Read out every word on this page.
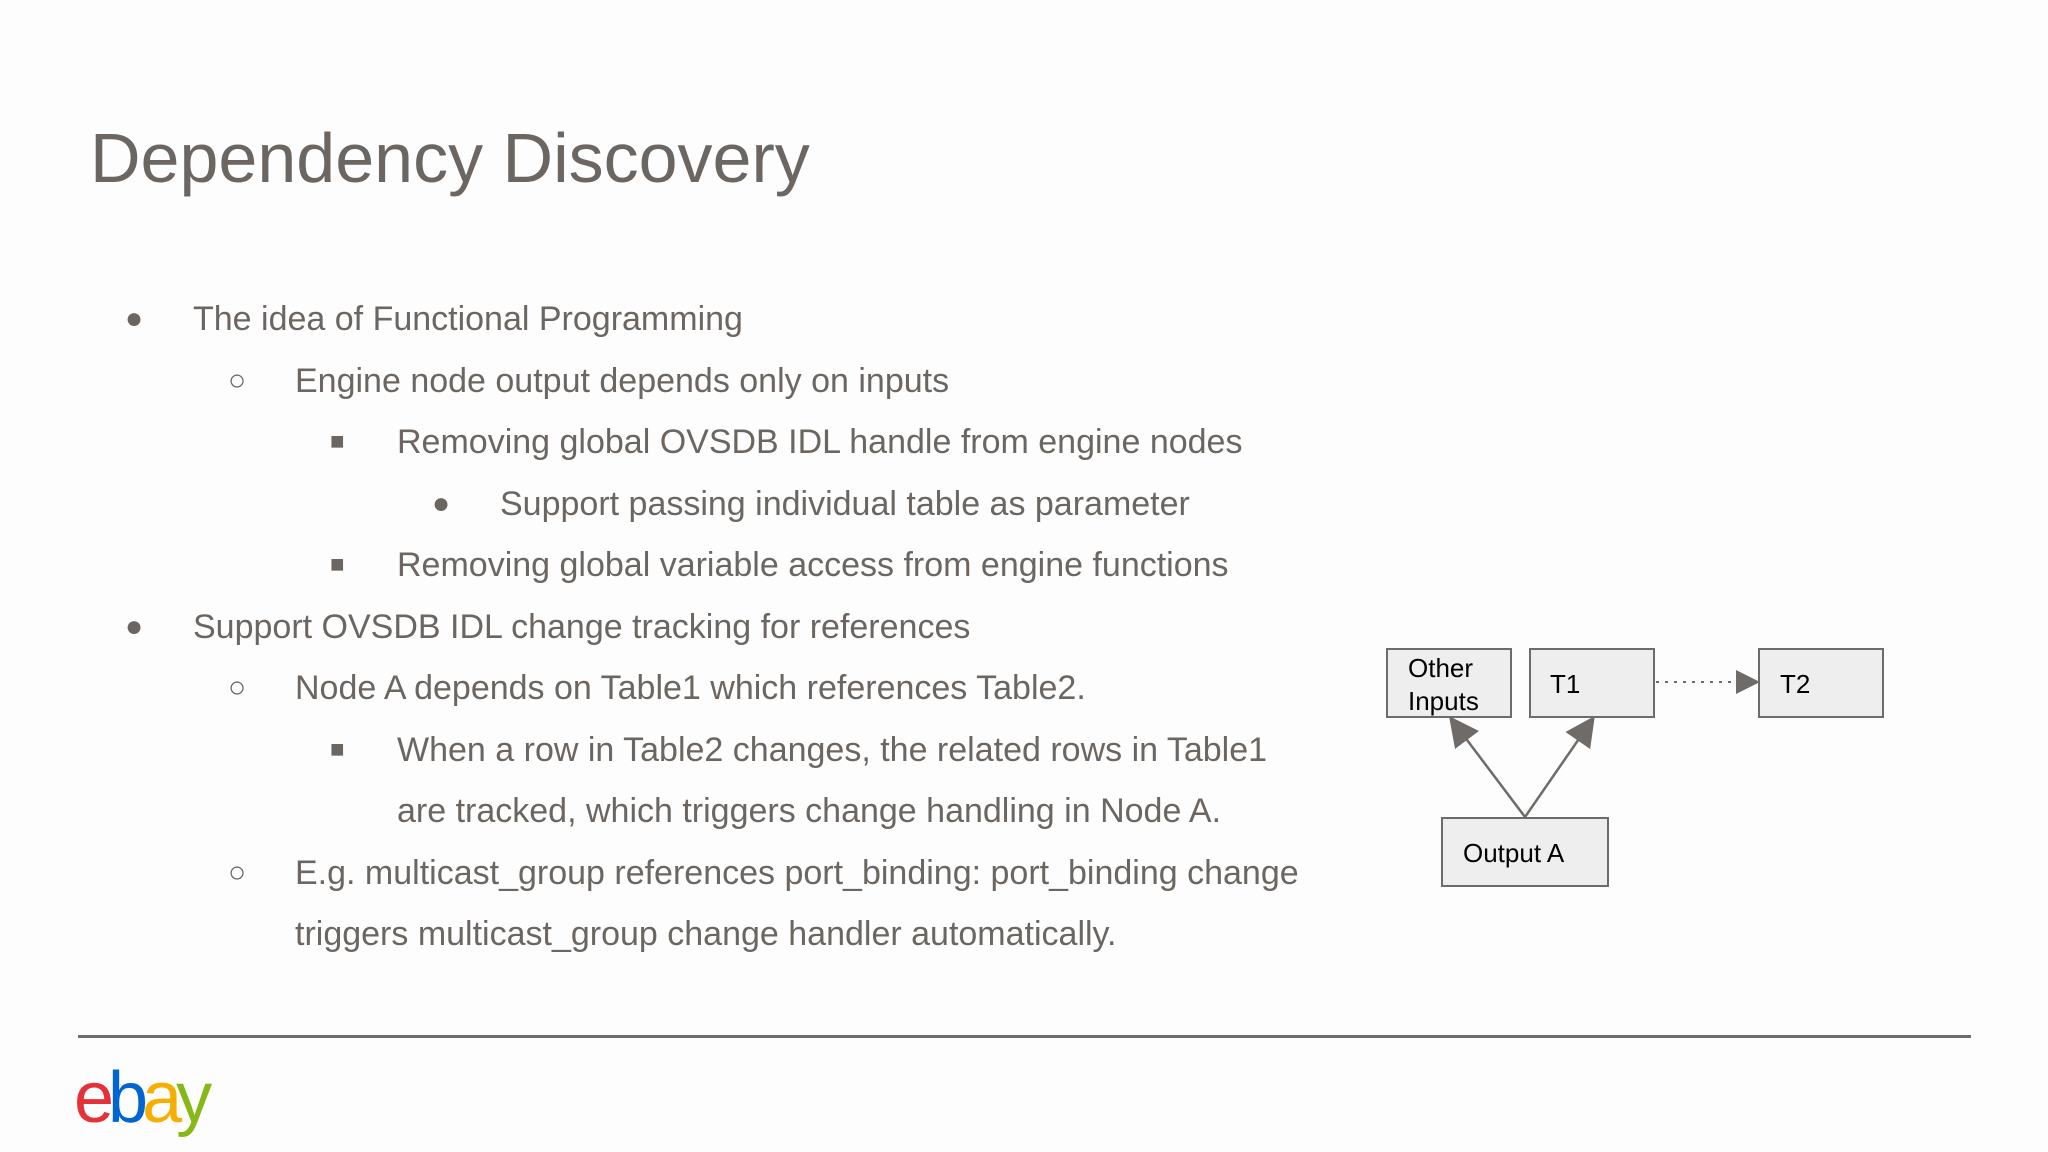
Dependency Discovery
● The idea of Functional Programming
○ Engine node output depends only on inputs
■ Removing global OVSDB IDL handle from engine nodes
● Support passing individual table as parameter
■ Removing global variable access from engine functions
● Support OVSDB IDL change tracking for references
○ Node A depends on Table1 which references Table2.
■ When a row in Table2 changes, the related rows in Table1
are tracked, which triggers change handling in Node A.
○ E.g. multicast_group references port_binding: port_binding change
triggers multicast_group change handler automatically.
Other
Inputs
T1	T2
Output A
ebay
